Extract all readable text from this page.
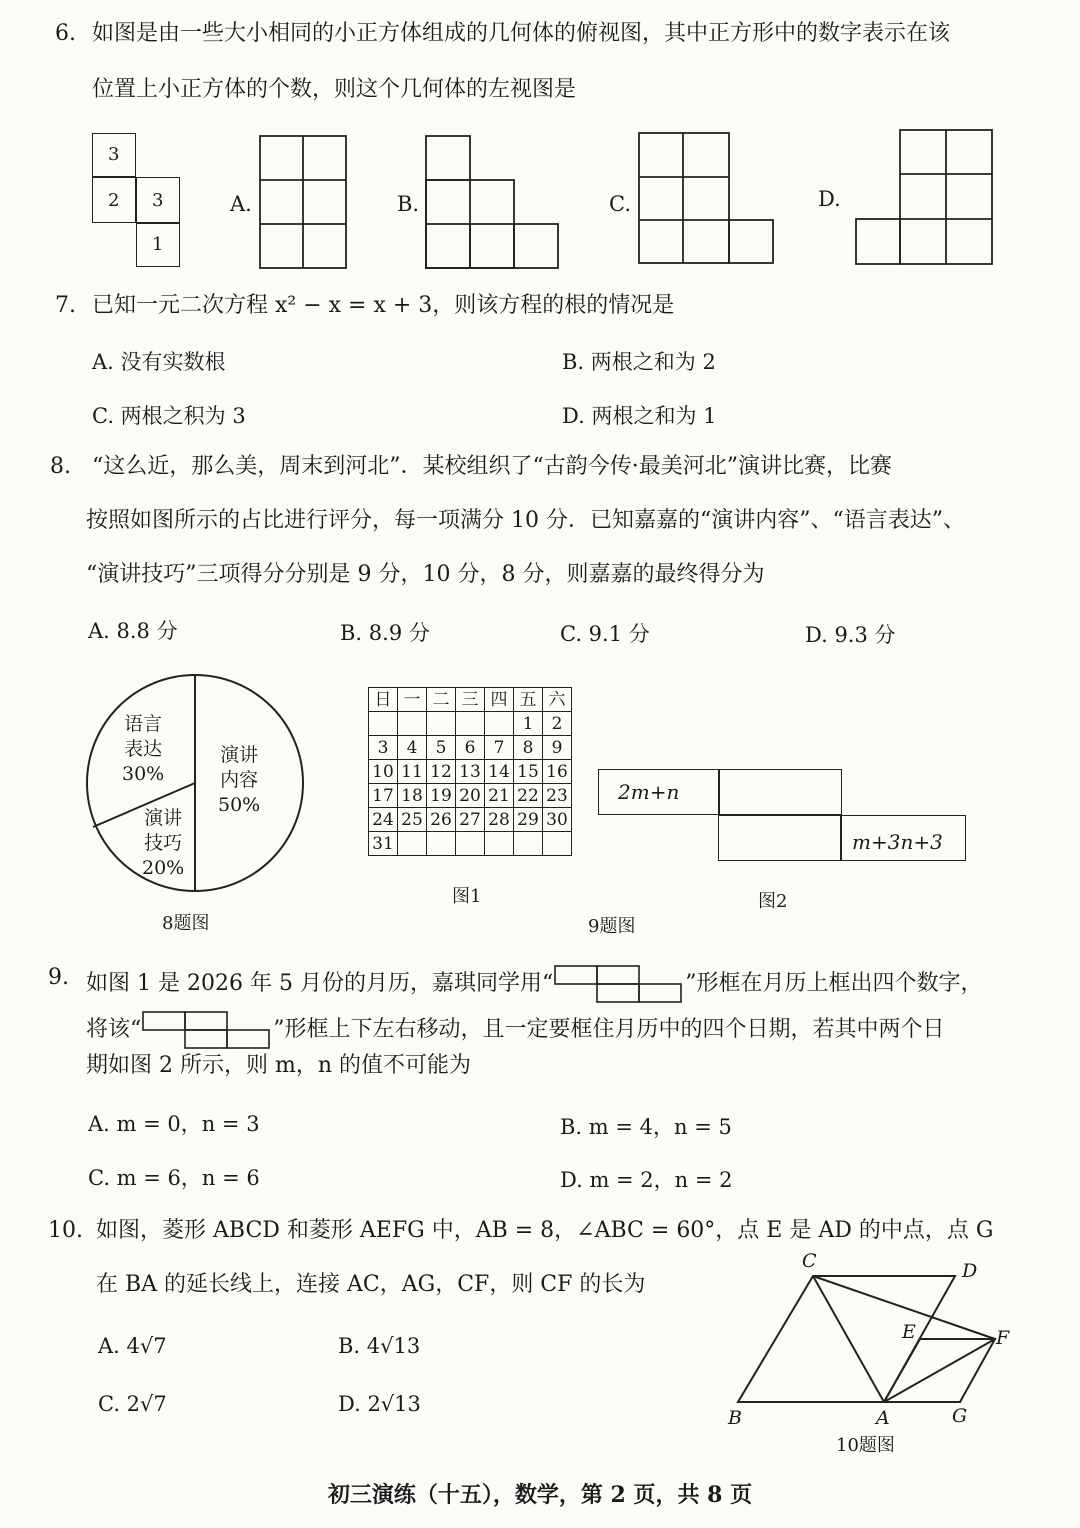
6. 如图是由一些大小相同的小正方体组成的几何体的俯视图，其中正方形中的数字表示在该
位置上小正方体的个数，则这个几何体的左视图是
3
2 3
1
A.	B.	C.	D.
7. 已知一元二次方程 x² − x = x + 3，则该方程的根的情况是
A. 没有实数根	B. 两根之和为 2
C. 两根之积为 3	D. 两根之和为 1
8. “这么近，那么美，周末到河北”．某校组织了“古韵今传·最美河北”演讲比赛，比赛
按照如图所示的占比进行评分，每一项满分 10 分．已知嘉嘉的“演讲内容”、“语言表达”、
“演讲技巧”三项得分分别是 9 分，10 分，8 分，则嘉嘉的最终得分为
A. 8.8 分	B. 8.9 分	C. 9.1 分	D. 9.3 分
语言
表达
30%
演讲
内容
50%
演讲
技巧
20%
8题图
日	一	二	三	四	五	六
					1	2
3	4	5	6	7	8	9
10	11	12	13	14	15	16
17	18	19	20	21	22	23
24	25	26	27	28	29	30
31						
图1
2m+n
m+3n+3
图2
9题图
9. 如图 1 是 2026 年 5 月份的月历，嘉琪同学用“	”形框在月历上框出四个数字，
将该“	”形框上下左右移动，且一定要框住月历中的四个日期，若其中两个日
期如图 2 所示，则 m，n 的值不可能为
A. m = 0，n = 3	B. m = 4，n = 5
C. m = 6，n = 6	D. m = 2，n = 2
10. 如图，菱形 ABCD 和菱形 AEFG 中，AB = 8，∠ABC = 60°，点 E 是 AD 的中点，点 G
在 BA 的延长线上，连接 AC，AG，CF，则 CF 的长为
A. 4√7	B. 4√13
C. 2√7	D. 2√13
C	D
E	F
B	A	G
10题图
初三演练（十五），数学，第 2 页，共 8 页
